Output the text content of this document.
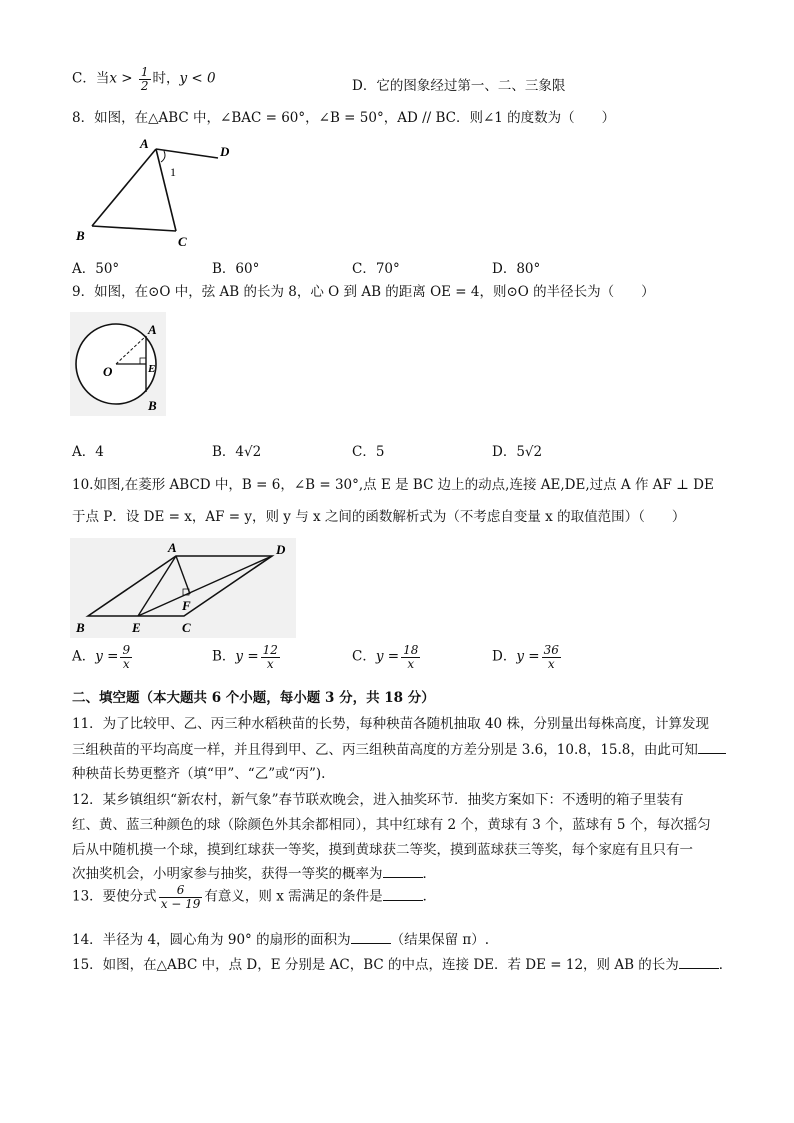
C．当$x > \frac{1}{2}$ 时，y < 0	D．它的图象经过第一、二、三象限
8．如图，在△ABC 中，∠BAC = 60°，∠B = 50°，AD // BC．则∠1 的度数为（　　）
A
D
1
B	C
A．50°	B．60°	C．70°	D．80°
9．如图，在⊙O 中，弦 AB 的长为 8，心 O 到 AB 的距离 OE = 4，则⊙O 的半径长为（　　）
A
O	E
B
A．4	B．4√2	C．5	D．5√2
10.如图,在菱形 ABCD 中，B = 6，∠B = 30°,点 E 是 BC 边上的动点,连接 AE,DE,过点 A 作 AF ⊥ DE
于点 P．设 DE = x，AF = y，则 y 与 x 之间的函数解析式为（不考虑自变量 x 的取值范围）（　　）
A	D
F
B	E	C
A．$y = \frac{9}{x}$	B．$y = \frac{12}{x}$	C．$y = \frac{18}{x}$	D．$y = \frac{36}{x}$
二、填空题（本大题共 6 个小题，每小题 3 分，共 18 分）
11．为了比较甲、乙、丙三种水稻秧苗的长势，每种秧苗各随机抽取 40 株，分别量出每株高度，计算发现
三组秧苗的平均高度一样，并且得到甲、乙、丙三组秧苗高度的方差分别是 3.6，10.8，15.8，由此可知
种秧苗长势更整齐（填“甲”、“乙”或“丙”).
12．某乡镇组织“新农村，新气象”春节联欢晚会，进入抽奖环节．抽奖方案如下：不透明的箱子里装有
红、黄、蓝三种颜色的球（除颜色外其余都相同），其中红球有 2 个，黄球有 3 个，蓝球有 5 个，每次摇匀
后从中随机摸一个球，摸到红球获一等奖，摸到黄球获二等奖，摸到蓝球获三等奖，每个家庭有且只有一
次抽奖机会，小明家参与抽奖，获得一等奖的概率为	．
13．要使分式 $\frac{6}{x - 19}$ 有意义，则 x 需满足的条件是	．
14．半径为 4，圆心角为 90° 的扇形的面积为	（结果保留 π）.
15．如图，在△ABC 中，点 D，E 分别是 AC，BC 的中点，连接 DE．若 DE = 12，则 AB 的长为	．
